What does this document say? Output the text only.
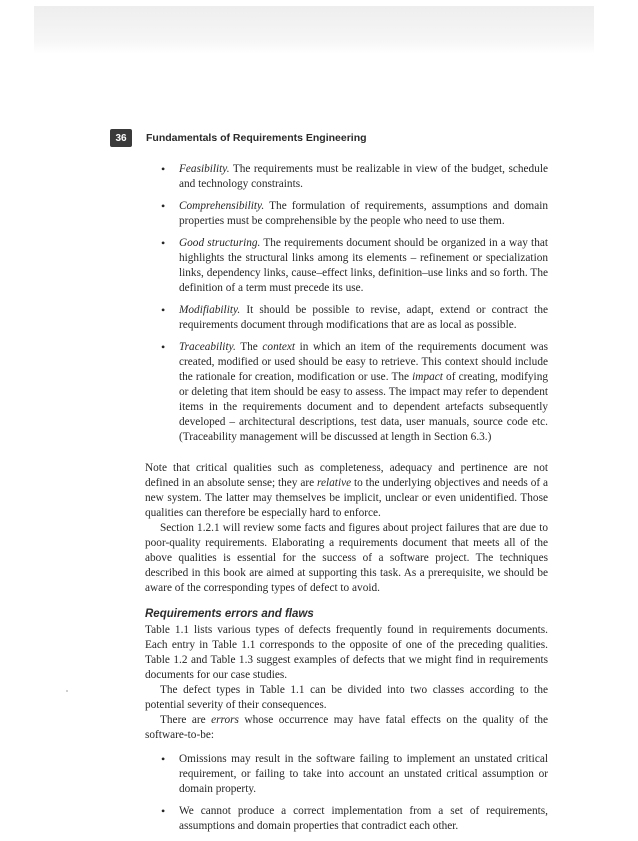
36	Fundamentals of Requirements Engineering
• Feasibility. The requirements must be realizable in view of the budget, schedule and technology constraints.
• Comprehensibility. The formulation of requirements, assumptions and domain properties must be comprehensible by the people who need to use them.
• Good structuring. The requirements document should be organized in a way that highlights the structural links among its elements – refinement or specialization links, dependency links, cause–effect links, definition–use links and so forth. The definition of a term must precede its use.
• Modifiability. It should be possible to revise, adapt, extend or contract the requirements document through modifications that are as local as possible.
• Traceability. The context in which an item of the requirements document was created, modified or used should be easy to retrieve. This context should include the rationale for creation, modification or use. The impact of creating, modifying or deleting that item should be easy to assess. The impact may refer to dependent items in the requirements document and to dependent artefacts subsequently developed – architectural descriptions, test data, user manuals, source code etc. (Traceability management will be discussed at length in Section 6.3.)

Note that critical qualities such as completeness, adequacy and pertinence are not defined in an absolute sense; they are relative to the underlying objectives and needs of a new system. The latter may themselves be implicit, unclear or even unidentified. Those qualities can therefore be especially hard to enforce.

Section 1.2.1 will review some facts and figures about project failures that are due to poor-quality requirements. Elaborating a requirements document that meets all of the above qualities is essential for the success of a software project. The techniques described in this book are aimed at supporting this task. As a prerequisite, we should be aware of the corresponding types of defect to avoid.

Requirements errors and flaws

Table 1.1 lists various types of defects frequently found in requirements documents. Each entry in Table 1.1 corresponds to the opposite of one of the preceding qualities. Table 1.2 and Table 1.3 suggest examples of defects that we might find in requirements documents for our case studies.

The defect types in Table 1.1 can be divided into two classes according to the potential severity of their consequences.

There are errors whose occurrence may have fatal effects on the quality of the software-to-be:

• Omissions may result in the software failing to implement an unstated critical requirement, or failing to take into account an unstated critical assumption or domain property.
• We cannot produce a correct implementation from a set of requirements, assumptions and domain properties that contradict each other.
